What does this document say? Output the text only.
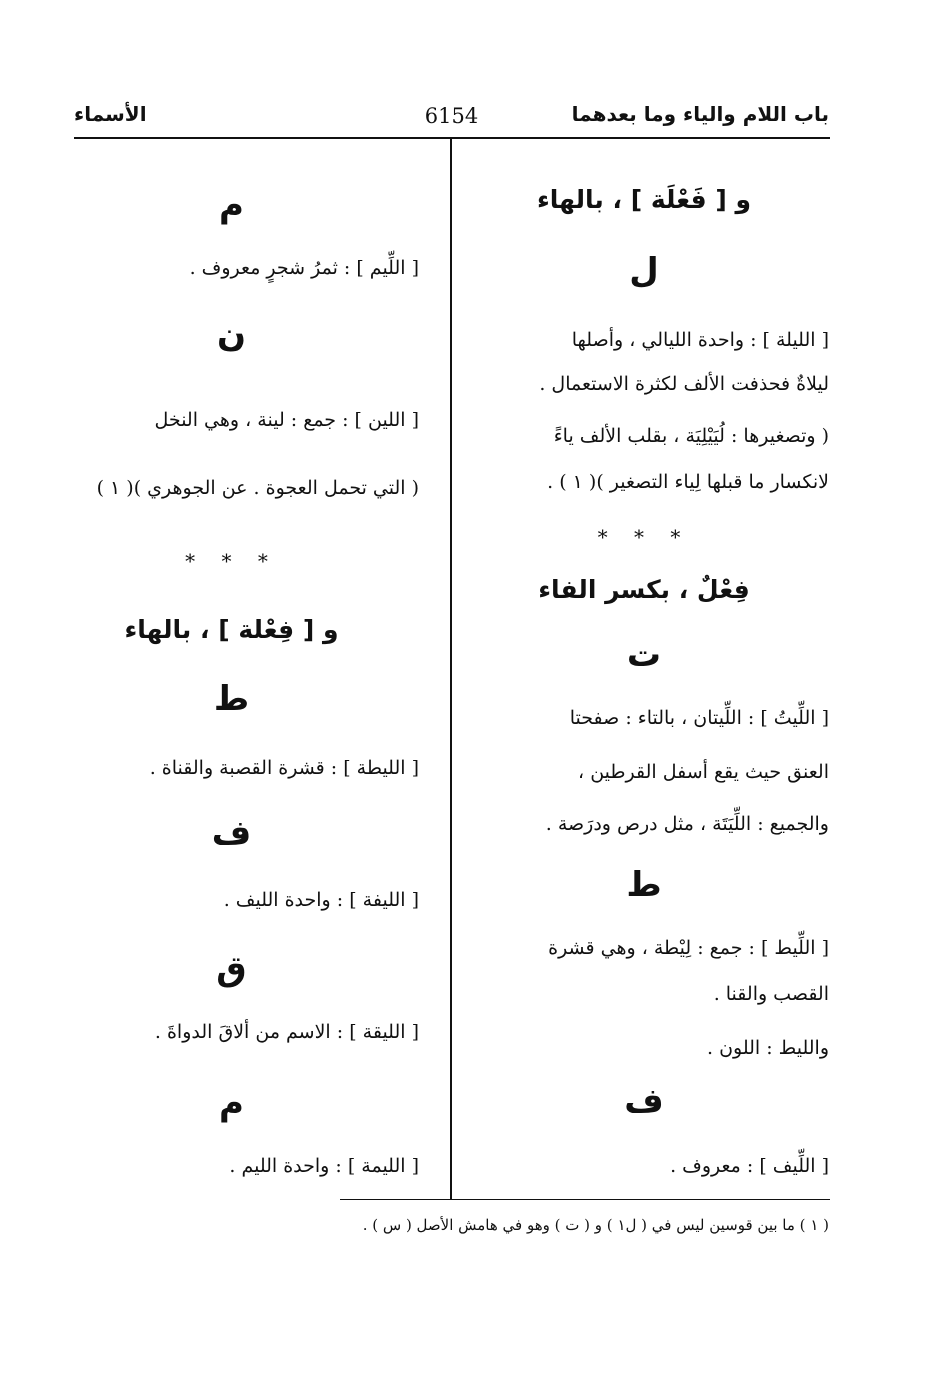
باب اللام والياء وما بعدهما
6154
الأسماء
و [ فَعْلَة ] ، بالهاء
ل
[ الليلة ] : واحدة الليالي ، وأصلها
ليلاةٌ فحذفت الألف لكثرة الاستعمال .
( وتصغيرها : لُيَيْلِيَة ، بقلب الألف ياءً
لانكسار ما قبلها لِياء التصغير )( ١ ) .
* * *
فِعْلٌ ، بكسر الفاء
ت
[ اللِّيتُ ] : اللِّيتان ، بالتاء : صفحتا
العنق حيث يقع أسفل القرطين ،
والجميع : اللِّيَتَة ، مثل درص ودرَصة .
ط
[ اللِّيط ] : جمع : لِيْطة ، وهي قشرة
القصب والقنا .
والليط : اللون .
ف
[ اللِّيف ] : معروف .
م
[ اللِّيم ] : ثمرُ شجرٍ معروف .
ن
[ اللين ] : جمع : لينة ، وهي النخل
( التي تحمل العجوة . عن الجوهري )( ١ )
* * *
و [ فِعْلة ] ، بالهاء
ط
[ الليطة ] : قشرة القصبة والقناة .
ف
[ الليفة ] : واحدة الليف .
ق
[ الليقة ] : الاسم من ألاقَ الدواةَ .
م
[ الليمة ] : واحدة الليم .
( ١ ) ما بين قوسين ليس في ( ل١ ) و ( ت ) وهو في هامش الأصل ( س ) .
